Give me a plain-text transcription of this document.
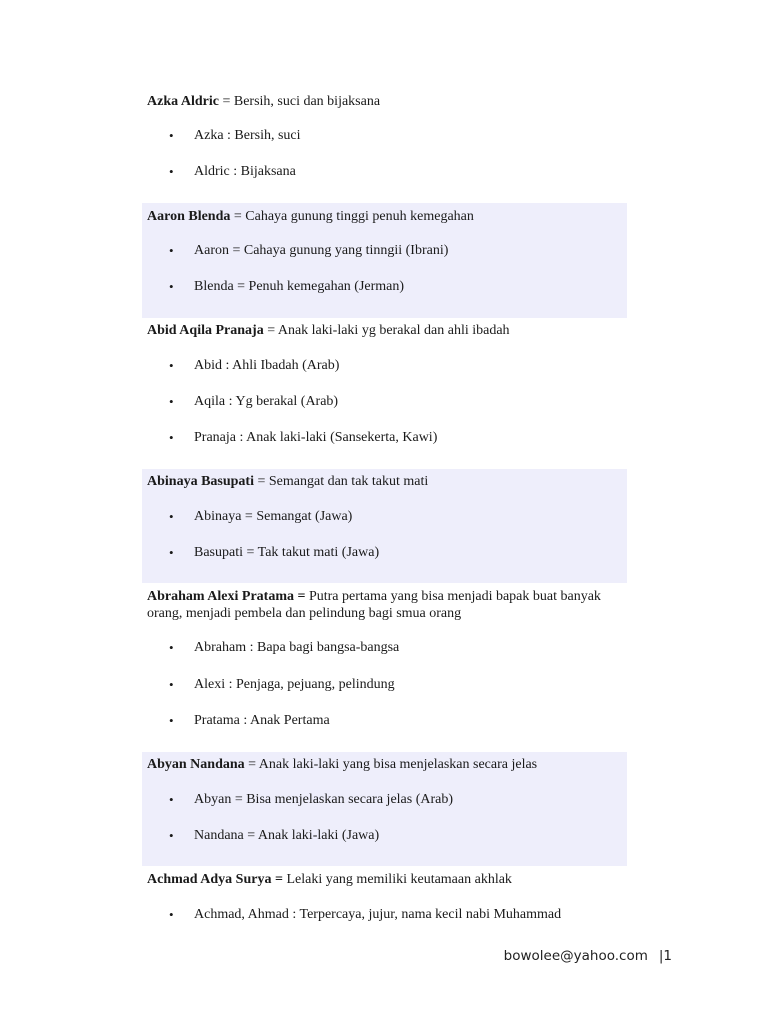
Azka Aldric = Bersih, suci dan bijaksana
• Azka : Bersih, suci
• Aldric : Bijaksana
Aaron Blenda = Cahaya gunung tinggi penuh kemegahan
• Aaron = Cahaya gunung yang tinngii (Ibrani)
• Blenda = Penuh kemegahan (Jerman)
Abid Aqila Pranaja = Anak laki-laki yg berakal dan ahli ibadah
• Abid : Ahli Ibadah (Arab)
• Aqila : Yg berakal (Arab)
• Pranaja : Anak laki-laki (Sansekerta, Kawi)
Abinaya Basupati = Semangat dan tak takut mati
• Abinaya = Semangat (Jawa)
• Basupati = Tak takut mati (Jawa)
Abraham Alexi Pratama = Putra pertama yang bisa menjadi bapak buat banyak orang, menjadi pembela dan pelindung bagi smua orang
• Abraham : Bapa bagi bangsa-bangsa
• Alexi : Penjaga, pejuang, pelindung
• Pratama : Anak Pertama
Abyan Nandana = Anak laki-laki yang bisa menjelaskan secara jelas
• Abyan = Bisa menjelaskan secara jelas (Arab)
• Nandana = Anak laki-laki (Jawa)
Achmad Adya Surya = Lelaki yang memiliki keutamaan akhlak
• Achmad, Ahmad : Terpercaya, jujur, nama kecil nabi Muhammad
bowolee@yahoo.com |1
